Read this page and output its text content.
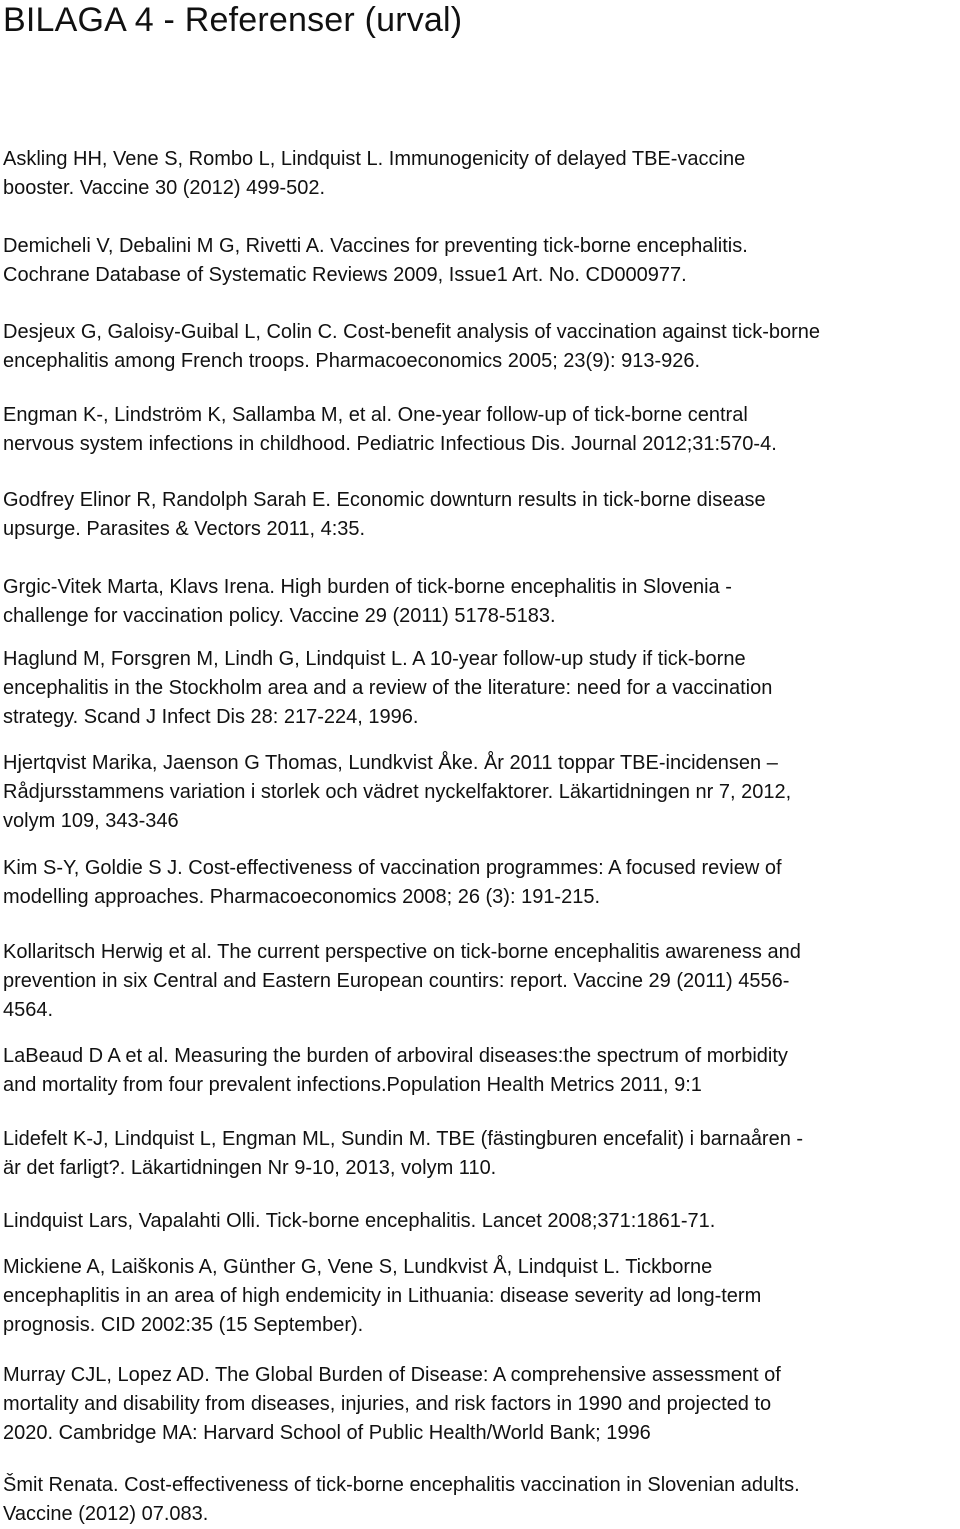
BILAGA 4 - Referenser (urval)
Askling HH, Vene S, Rombo L, Lindquist L. Immunogenicity of delayed TBE-vaccine
booster. Vaccine 30 (2012) 499-502.
Demicheli V, Debalini M G, Rivetti A. Vaccines for preventing tick-borne encephalitis.
Cochrane Database of Systematic Reviews 2009, Issue1 Art. No. CD000977.
Desjeux G, Galoisy-Guibal L, Colin C. Cost-benefit analysis of vaccination against tick-borne
encephalitis among French troops. Pharmacoeconomics 2005; 23(9): 913-926.
Engman K-, Lindström K, Sallamba M, et al. One-year follow-up of tick-borne central
nervous system infections in childhood. Pediatric Infectious Dis. Journal 2012;31:570-4.
Godfrey Elinor R, Randolph Sarah E. Economic downturn results in tick-borne disease
upsurge. Parasites & Vectors 2011, 4:35.
Grgic-Vitek Marta, Klavs Irena. High burden of tick-borne encephalitis in Slovenia -
challenge for vaccination policy. Vaccine 29 (2011) 5178-5183.
Haglund M, Forsgren M, Lindh G, Lindquist L. A 10-year follow-up study if tick-borne
encephalitis in the Stockholm area and a review of the literature: need for a vaccination
strategy. Scand J Infect Dis 28: 217-224, 1996.
Hjertqvist Marika, Jaenson G Thomas, Lundkvist Åke. År 2011 toppar TBE-incidensen –
Rådjursstammens variation i storlek och vädret nyckelfaktorer. Läkartidningen nr 7, 2012,
volym 109, 343-346
Kim S-Y, Goldie S J. Cost-effectiveness of vaccination programmes: A focused review of
modelling approaches. Pharmacoeconomics 2008; 26 (3): 191-215.
Kollaritsch Herwig et al. The current perspective on tick-borne encephalitis awareness and
prevention in six Central and Eastern European countirs: report. Vaccine 29 (2011) 4556-
4564.
LaBeaud D A et al. Measuring the burden of arboviral diseases:the spectrum of morbidity
and mortality from four prevalent infections.Population Health Metrics 2011, 9:1
Lidefelt K-J, Lindquist L, Engman ML, Sundin M. TBE (fästingburen encefalit) i barnaåren -
är det farligt?. Läkartidningen Nr 9-10, 2013, volym 110.
Lindquist Lars, Vapalahti Olli. Tick-borne encephalitis. Lancet 2008;371:1861-71.
Mickiene A, Laiškonis A, Günther G, Vene S, Lundkvist Å, Lindquist L. Tickborne
encephaplitis in an area of high endemicity in Lithuania: disease severity ad long-term
prognosis. CID 2002:35 (15 September).
Murray CJL, Lopez AD. The Global Burden of Disease: A comprehensive assessment of
mortality and disability from diseases, injuries, and risk factors in 1990 and projected to
2020. Cambridge MA: Harvard School of Public Health/World Bank; 1996
Šmit Renata. Cost-effectiveness of tick-borne encephalitis vaccination in Slovenian adults.
Vaccine (2012) 07.083.
